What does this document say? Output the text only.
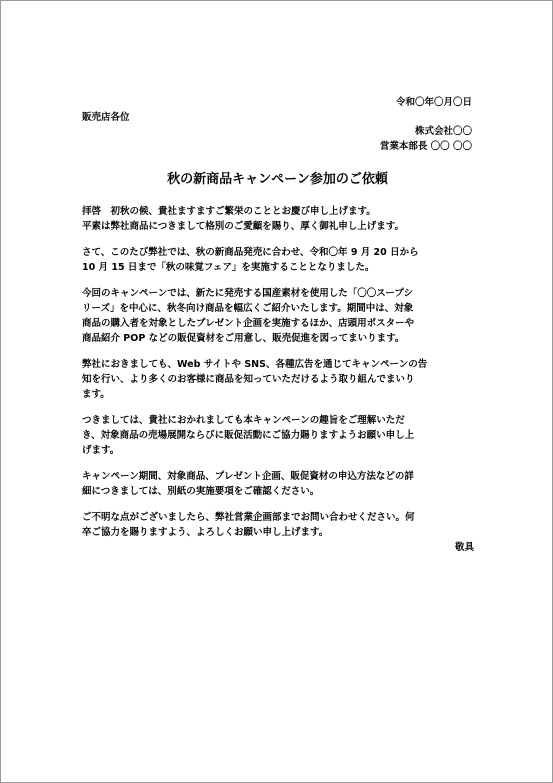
令和〇年〇月〇日
販売店各位
株式会社〇〇
営業本部長 〇〇 〇〇
秋の新商品キャンペーン参加のご依頼
拝啓　初秋の候、貴社ますますご繁栄のこととお慶び申し上げます。
平素は弊社商品につきまして格別のご愛顧を賜り、厚く御礼申し上げます。
さて、このたび弊社では、秋の新商品発売に合わせ、令和〇年 9 月 20 日から
10 月 15 日まで「秋の味覚フェア」を実施することとなりました。
今回のキャンペーンでは、新たに発売する国産素材を使用した「〇〇スープシ
リーズ」を中心に、秋冬向け商品を幅広くご紹介いたします。期間中は、対象
商品の購入者を対象としたプレゼント企画を実施するほか、店頭用ポスターや
商品紹介 POP などの販促資材をご用意し、販売促進を図ってまいります。
弊社におきましても、Web サイトや SNS、各種広告を通じてキャンペーンの告
知を行い、より多くのお客様に商品を知っていただけるよう取り組んでまいり
ます。
つきましては、貴社におかれましても本キャンペーンの趣旨をご理解いただ
き、対象商品の売場展開ならびに販促活動にご協力賜りますようお願い申し上
げます。
キャンペーン期間、対象商品、プレゼント企画、販促資材の申込方法などの詳
細につきましては、別紙の実施要項をご確認ください。
ご不明な点がございましたら、弊社営業企画部までお問い合わせください。何
卒ご協力を賜りますよう、よろしくお願い申し上げます。
敬具
